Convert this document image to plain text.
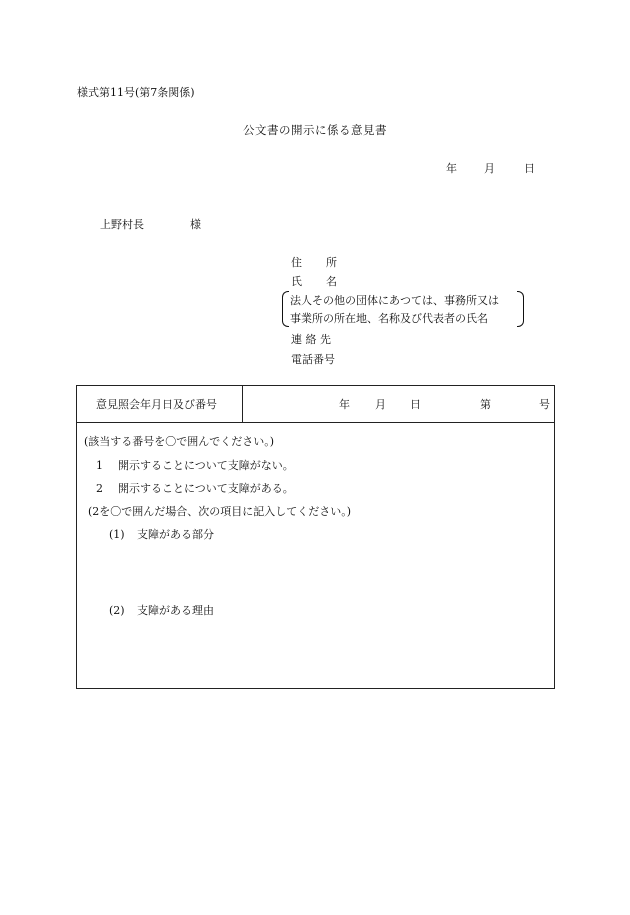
様式第11号(第7条関係)
公文書の開示に係る意見書
年 月	日
上野村長	様
住 所
氏 名
法人その他の団体にあつては、事務所又は
事業所の所在地、名称及び代表者の氏名
連 絡 先
電話番号
意見照会年月日及び番号	年 月 日	第	号
(該当する番号を〇で囲んでください。)
1 開示することについて支障がない。
2 開示することについて支障がある。
(2を〇で囲んだ場合、次の項目に記入してください。)
(1) 支障がある部分
(2) 支障がある理由
